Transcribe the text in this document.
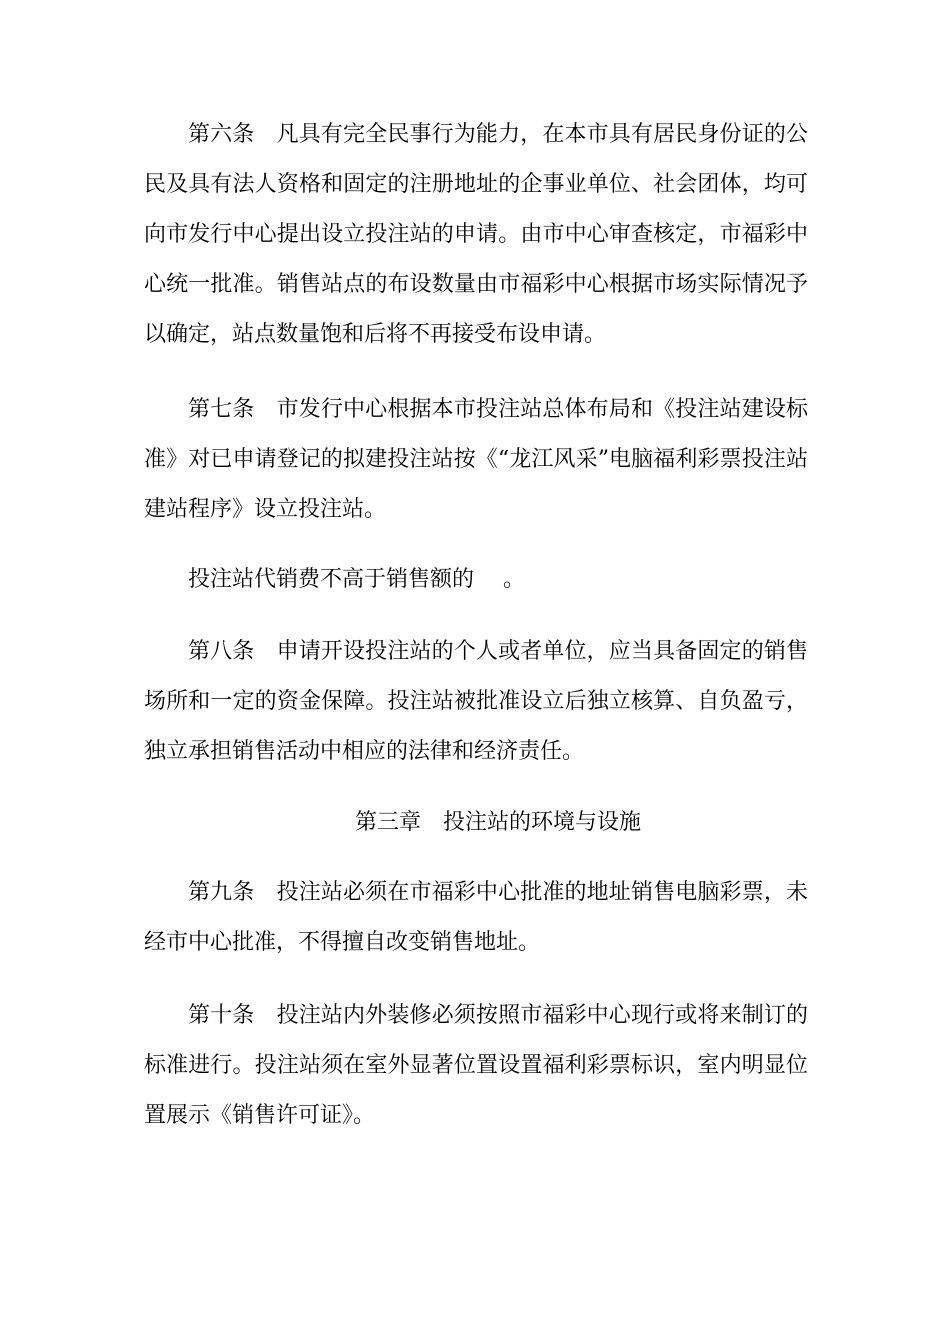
第六条　凡具有完全民事行为能力，在本市具有居民身份证的公民及具有法人资格和固定的注册地址的企事业单位、社会团体，均可向市发行中心提出设立投注站的申请。由市中心审查核定，市福彩中心统一批准。销售站点的布设数量由市福彩中心根据市场实际情况予以确定，站点数量饱和后将不再接受布设申请。

第七条　市发行中心根据本市投注站总体布局和《投注站建设标准》对已申请登记的拟建投注站按《“龙江风采”电脑福利彩票投注站建站程序》设立投注站。

投注站代销费不高于销售额的　 。

第八条　申请开设投注站的个人或者单位，应当具备固定的销售场所和一定的资金保障。投注站被批准设立后独立核算、自负盈亏，独立承担销售活动中相应的法律和经济责任。

第三章　投注站的环境与设施

第九条　投注站必须在市福彩中心批准的地址销售电脑彩票，未经市中心批准，不得擅自改变销售地址。

第十条　投注站内外装修必须按照市福彩中心现行或将来制订的标准进行。投注站须在室外显著位置设置福利彩票标识，室内明显位置展示《销售许可证》。
